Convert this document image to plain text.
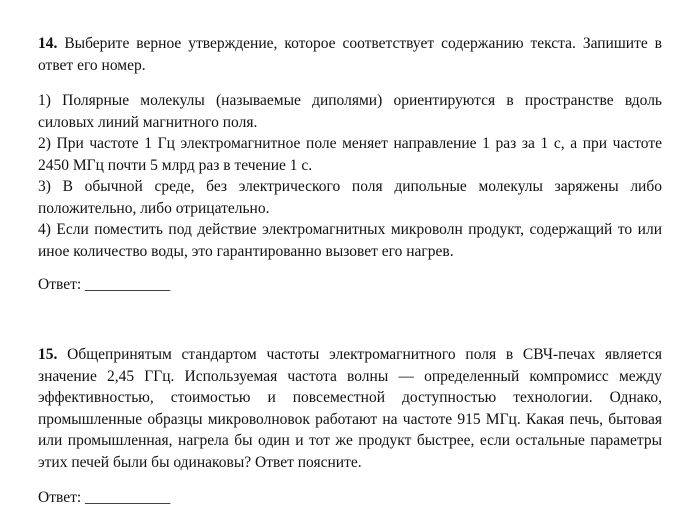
14. Выберите верное утверждение, которое соответствует содержанию текста. Запишите в ответ его номер.

1) Полярные молекулы (называемые диполями) ориентируются в пространстве вдоль силовых линий магнитного поля.

2) При частоте 1 Гц электромагнитное поле меняет направление 1 раз за 1 с, а при частоте 2450 МГц почти 5 млрд раз в течение 1 с.

3) В обычной среде, без электрического поля дипольные молекулы заряжены либо положительно, либо отрицательно.

4) Если поместить под действие электромагнитных микроволн продукт, содержащий то или иное количество воды, это гарантированно вызовет его нагрев.

Ответ: ___________

15. Общепринятым стандартом частоты электромагнитного поля в СВЧ-печах является значение 2,45 ГГц. Используемая частота волны — определенный компромисс между эффективностью, стоимостью и повсеместной доступностью технологии. Однако, промышленные образцы микроволновок работают на частоте 915 МГц. Какая печь, бытовая или промышленная, нагрела бы один и тот же продукт быстрее, если остальные параметры этих печей были бы одинаковы? Ответ поясните.

Ответ: ___________
